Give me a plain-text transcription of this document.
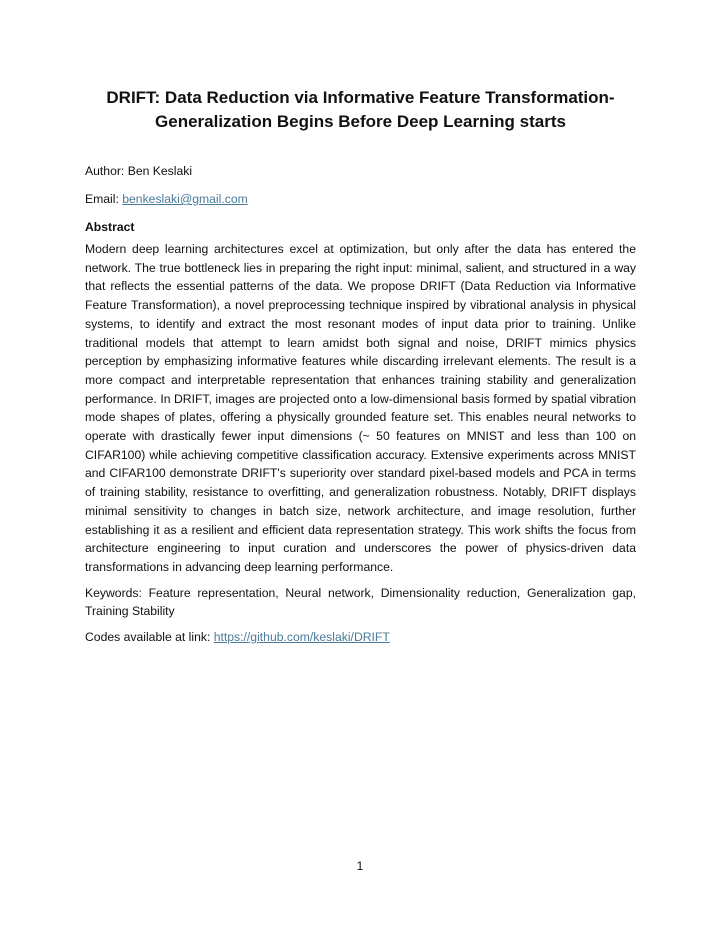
DRIFT: Data Reduction via Informative Feature Transformation- Generalization Begins Before Deep Learning starts

Author: Ben Keslaki

Email: benkeslaki@gmail.com

Abstract

Modern deep learning architectures excel at optimization, but only after the data has entered the network. The true bottleneck lies in preparing the right input: minimal, salient, and structured in a way that reflects the essential patterns of the data. We propose DRIFT (Data Reduction via Informative Feature Transformation), a novel preprocessing technique inspired by vibrational analysis in physical systems, to identify and extract the most resonant modes of input data prior to training. Unlike traditional models that attempt to learn amidst both signal and noise, DRIFT mimics physics perception by emphasizing informative features while discarding irrelevant elements. The result is a more compact and interpretable representation that enhances training stability and generalization performance. In DRIFT, images are projected onto a low-dimensional basis formed by spatial vibration mode shapes of plates, offering a physically grounded feature set. This enables neural networks to operate with drastically fewer input dimensions (~ 50 features on MNIST and less than 100 on CIFAR100) while achieving competitive classification accuracy. Extensive experiments across MNIST and CIFAR100 demonstrate DRIFT's superiority over standard pixel-based models and PCA in terms of training stability, resistance to overfitting, and generalization robustness. Notably, DRIFT displays minimal sensitivity to changes in batch size, network architecture, and image resolution, further establishing it as a resilient and efficient data representation strategy. This work shifts the focus from architecture engineering to input curation and underscores the power of physics-driven data transformations in advancing deep learning performance.

Keywords: Feature representation, Neural network, Dimensionality reduction, Generalization gap, Training Stability

Codes available at link: https://github.com/keslaki/DRIFT

1
